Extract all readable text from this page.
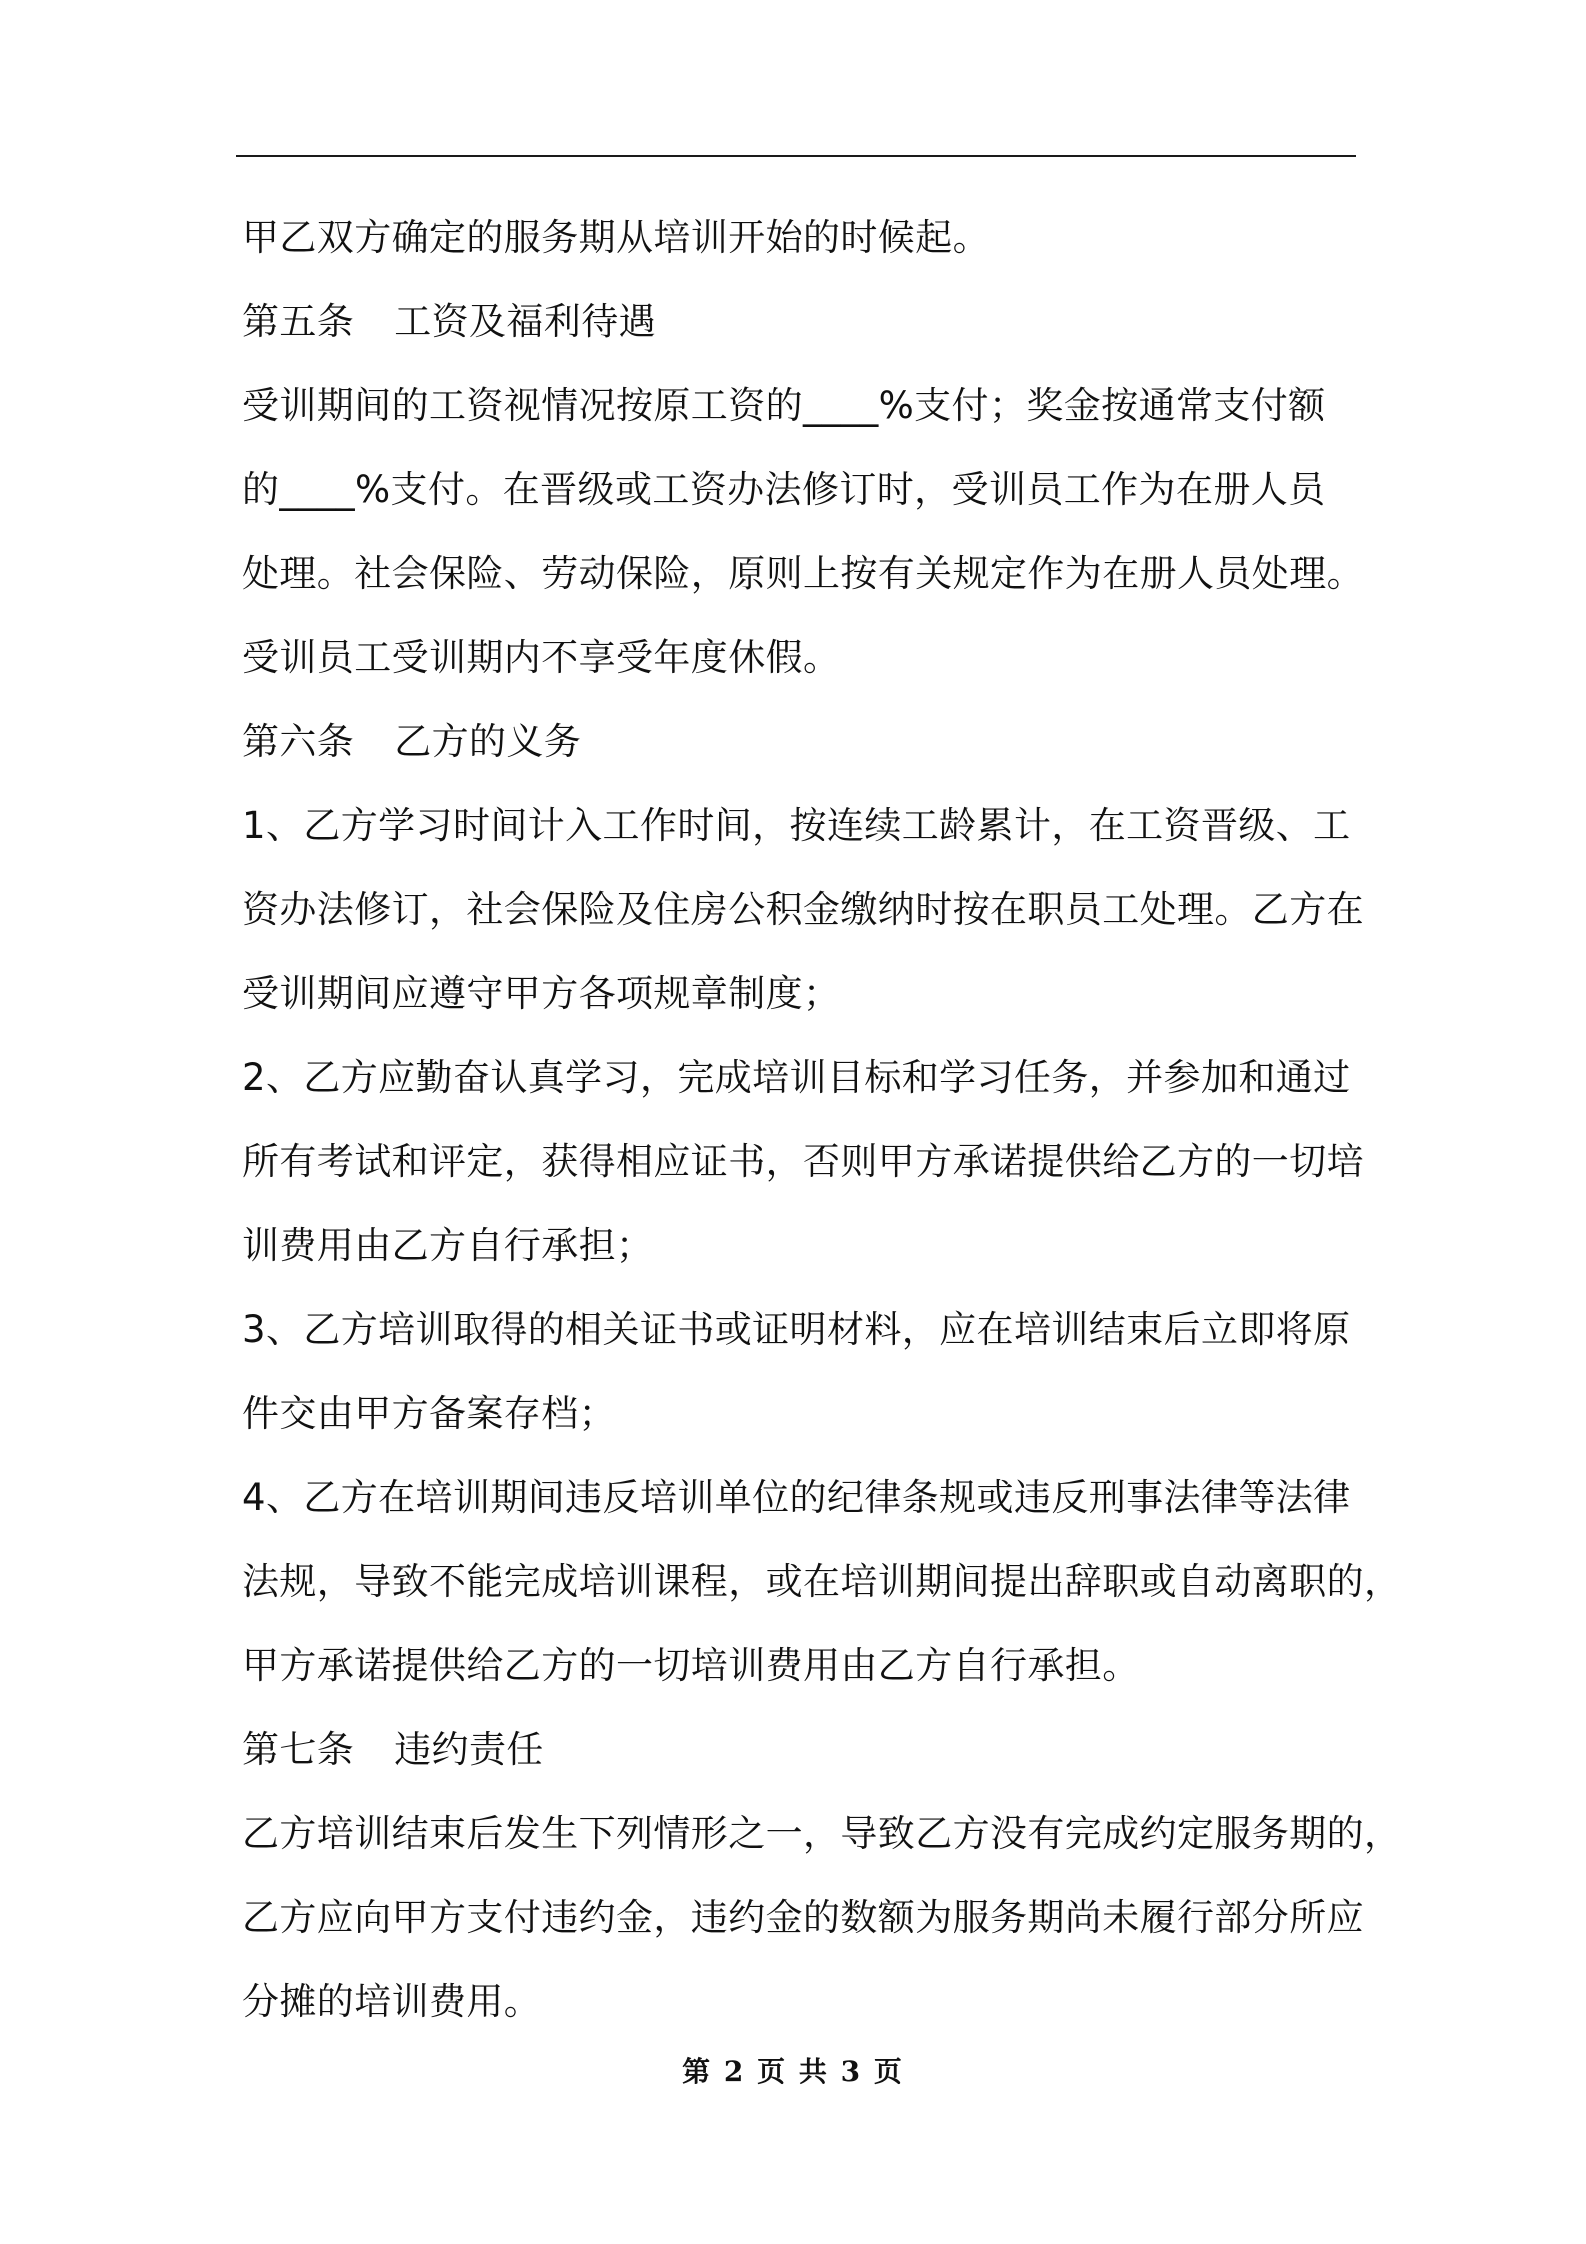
甲乙双方确定的服务期从培训开始的时候起。
第五条 工资及福利待遇
受训期间的工资视情况按原工资的____%支付；奖金按通常支付额
的____%支付。在晋级或工资办法修订时，受训员工作为在册人员
处理。社会保险、劳动保险，原则上按有关规定作为在册人员处理。
受训员工受训期内不享受年度休假。
第六条 乙方的义务
1、乙方学习时间计入工作时间，按连续工龄累计，在工资晋级、工
资办法修订，社会保险及住房公积金缴纳时按在职员工处理。乙方在
受训期间应遵守甲方各项规章制度；
2、乙方应勤奋认真学习，完成培训目标和学习任务，并参加和通过
所有考试和评定，获得相应证书，否则甲方承诺提供给乙方的一切培
训费用由乙方自行承担；
3、乙方培训取得的相关证书或证明材料，应在培训结束后立即将原
件交由甲方备案存档；
4、乙方在培训期间违反培训单位的纪律条规或违反刑事法律等法律
法规，导致不能完成培训课程，或在培训期间提出辞职或自动离职的，
甲方承诺提供给乙方的一切培训费用由乙方自行承担。
第七条 违约责任
乙方培训结束后发生下列情形之一，导致乙方没有完成约定服务期的，
乙方应向甲方支付违约金，违约金的数额为服务期尚未履行部分所应
分摊的培训费用。
第 2 页 共 3 页
